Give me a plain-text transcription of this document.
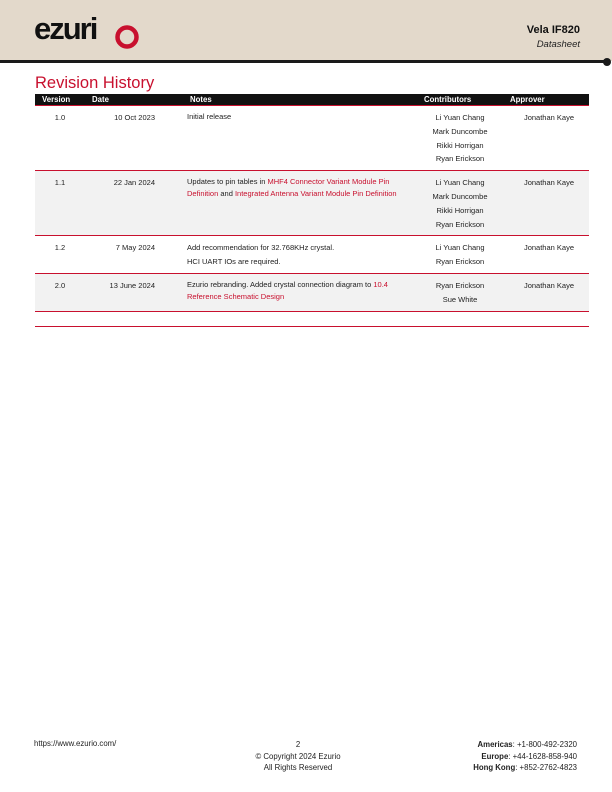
ezuri	Vela IF820
Datasheet
Revision History
Version	Date	Notes	Contributors	Approver
1.0	10 Oct 2023	Initial release	Li Yuan Chang
Mark Duncombe
Rikki Horrigan
Ryan Erickson	Jonathan Kaye
1.1	22 Jan 2024	Updates to pin tables in MHF4 Connector Variant Module Pin Definition and Integrated Antenna Variant Module Pin Definition	Li Yuan Chang
Mark Duncombe
Rikki Horrigan
Ryan Erickson	Jonathan Kaye
1.2	7 May 2024	Add recommendation for 32.768KHz crystal.
HCI UART IOs are required.	Li Yuan Chang
Ryan Erickson	Jonathan Kaye
2.0	13 June 2024	Ezurio rebranding. Added crystal connection diagram to 10.4 Reference Schematic Design	Ryan Erickson
Sue White	Jonathan Kaye

https://www.ezurio.com/	2
© Copyright 2024 Ezurio
All Rights Reserved
Americas: +1-800-492-2320
Europe: +44-1628-858-940
Hong Kong: +852-2762-4823
